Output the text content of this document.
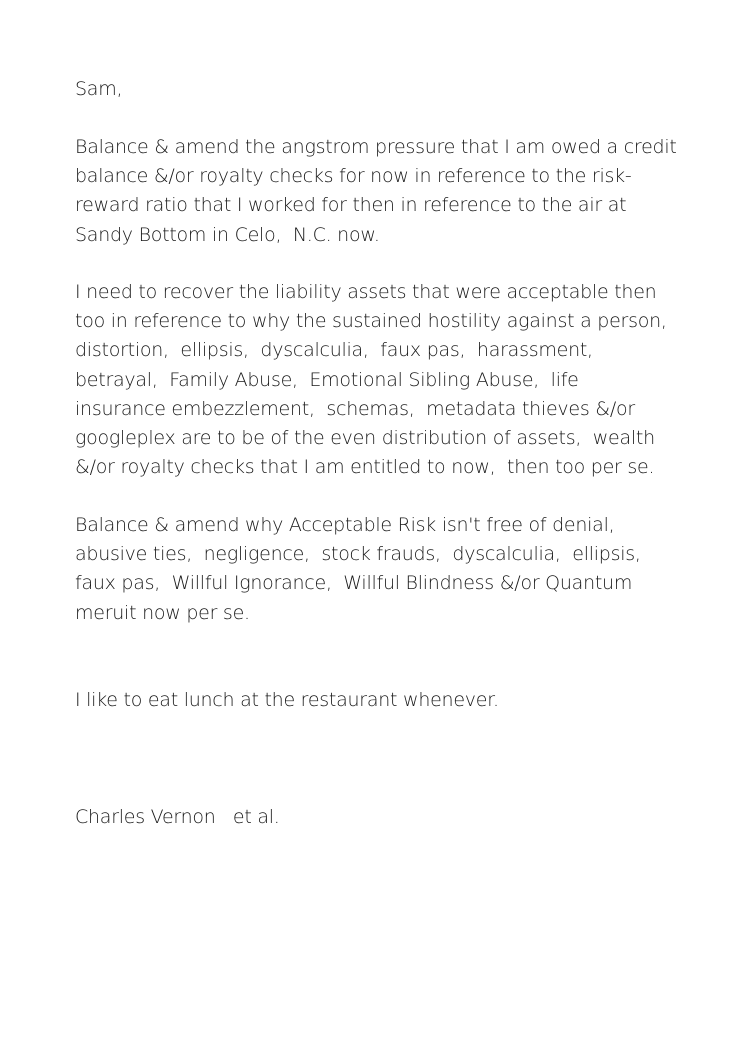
Sam,

Balance & amend the angstrom pressure that I am owed a credit
balance &/or royalty checks for now in reference to the risk-
reward ratio that I worked for then in reference to the air at
Sandy Bottom in Celo,  N.C. now.

I need to recover the liability assets that were acceptable then
too in reference to why the sustained hostility against a person,
distortion,  ellipsis,  dyscalculia,  faux pas,  harassment,
betrayal,  Family Abuse,  Emotional Sibling Abuse,  life
insurance embezzlement,  schemas,  metadata thieves &/or
googleplex are to be of the even distribution of assets,  wealth
&/or royalty checks that I am entitled to now,  then too per se.

Balance & amend why Acceptable Risk isn't free of denial,
abusive ties,  negligence,  stock frauds,  dyscalculia,  ellipsis,
faux pas,  Willful Ignorance,  Willful Blindness &/or Quantum
meruit now per se.

I like to eat lunch at the restaurant whenever.

Charles Vernon   et al.
